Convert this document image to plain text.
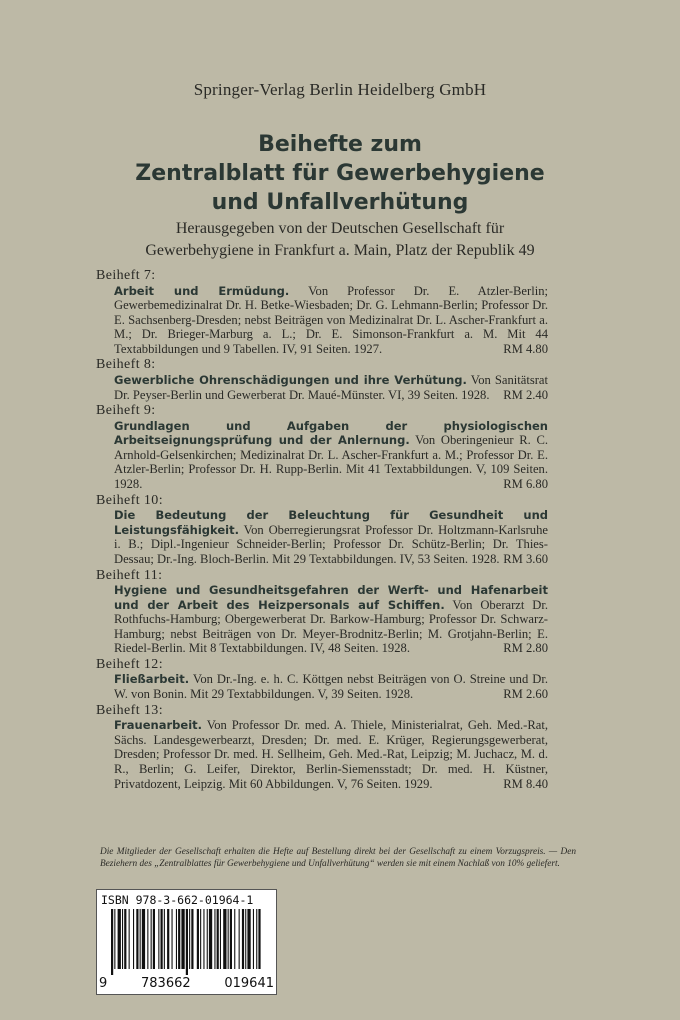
Springer-Verlag Berlin Heidelberg GmbH
Beihefte zum
Zentralblatt für Gewerbehygiene
und Unfallverhütung
Herausgegeben von der Deutschen Gesellschaft für
Gewerbehygiene in Frankfurt a. Main, Platz der Republik 49
Beiheft 7:
Arbeit und Ermüdung. Von Professor Dr. E. Atzler-Berlin; Gewerbemedizinalrat Dr. H. Betke-Wiesbaden; Dr. G. Lehmann-Berlin; Professor Dr. E. Sachsenberg-Dresden; nebst Beiträgen von Medizinalrat Dr. L. Ascher-Frankfurt a. M.; Dr. Brieger-Marburg a. L.; Dr. E. Simonson-Frankfurt a. M. Mit 44 Textabbildungen und 9 Tabellen. IV, 91 Seiten. 1927.	RM 4.80
Beiheft 8:
Gewerbliche Ohrenschädigungen und ihre Verhütung. Von Sanitätsrat Dr. Peyser-Berlin und Gewerberat Dr. Maué-Münster. VI, 39 Seiten. 1928. RM 2.40
Beiheft 9:
Grundlagen und Aufgaben der physiologischen Arbeitseignungsprüfung und der Anlernung. Von Oberingenieur R. C. Arnhold-Gelsenkirchen; Medizinalrat Dr. L. Ascher-Frankfurt a. M.; Professor Dr. E. Atzler-Berlin; Professor Dr. H. Rupp-Berlin. Mit 41 Textabbildungen. V, 109 Seiten. 1928.	RM 6.80
Beiheft 10:
Die Bedeutung der Beleuchtung für Gesundheit und Leistungsfähigkeit. Von Oberregierungsrat Professor Dr. Holtzmann-Karlsruhe i. B.; Dipl.-Ingenieur Schneider-Berlin; Professor Dr. Schütz-Berlin; Dr. Thies-Dessau; Dr.-Ing. Bloch-Berlin. Mit 29 Textabbildungen. IV, 53 Seiten. 1928. RM 3.60
Beiheft 11:
Hygiene und Gesundheitsgefahren der Werft- und Hafenarbeit und der Arbeit des Heizpersonals auf Schiffen. Von Oberarzt Dr. Rothfuchs-Hamburg; Obergewerberat Dr. Barkow-Hamburg; Professor Dr. Schwarz-Hamburg; nebst Beiträgen von Dr. Meyer-Brodnitz-Berlin; M. Grotjahn-Berlin; E. Riedel-Berlin. Mit 8 Textabbildungen. IV, 48 Seiten. 1928.	RM 2.80
Beiheft 12:
Fließarbeit. Von Dr.-Ing. e. h. C. Köttgen nebst Beiträgen von O. Streine und Dr. W. von Bonin. Mit 29 Textabbildungen. V, 39 Seiten. 1928.	RM 2.60
Beiheft 13:
Frauenarbeit. Von Professor Dr. med. A. Thiele, Ministerialrat, Geh. Med.-Rat, Sächs. Landesgewerbearzt, Dresden; Dr. med. E. Krüger, Regierungsgewerberat, Dresden; Professor Dr. med. H. Sellheim, Geh. Med.-Rat, Leipzig; M. Juchacz, M. d. R., Berlin; G. Leifer, Direktor, Berlin-Siemensstadt; Dr. med. H. Küstner, Privatdozent, Leipzig. Mit 60 Abbildungen. V, 76 Seiten. 1929.	RM 8.40
Die Mitglieder der Gesellschaft erhalten die Hefte auf Bestellung direkt bei der Gesellschaft zu einem Vorzugspreis. — Den Beziehern des „Zentralblattes für Gewerbehygiene und Unfallverhütung“ werden sie mit einem Nachlaß von 10% geliefert.
ISBN 978-3-662-01964-1
9	783662	019641
